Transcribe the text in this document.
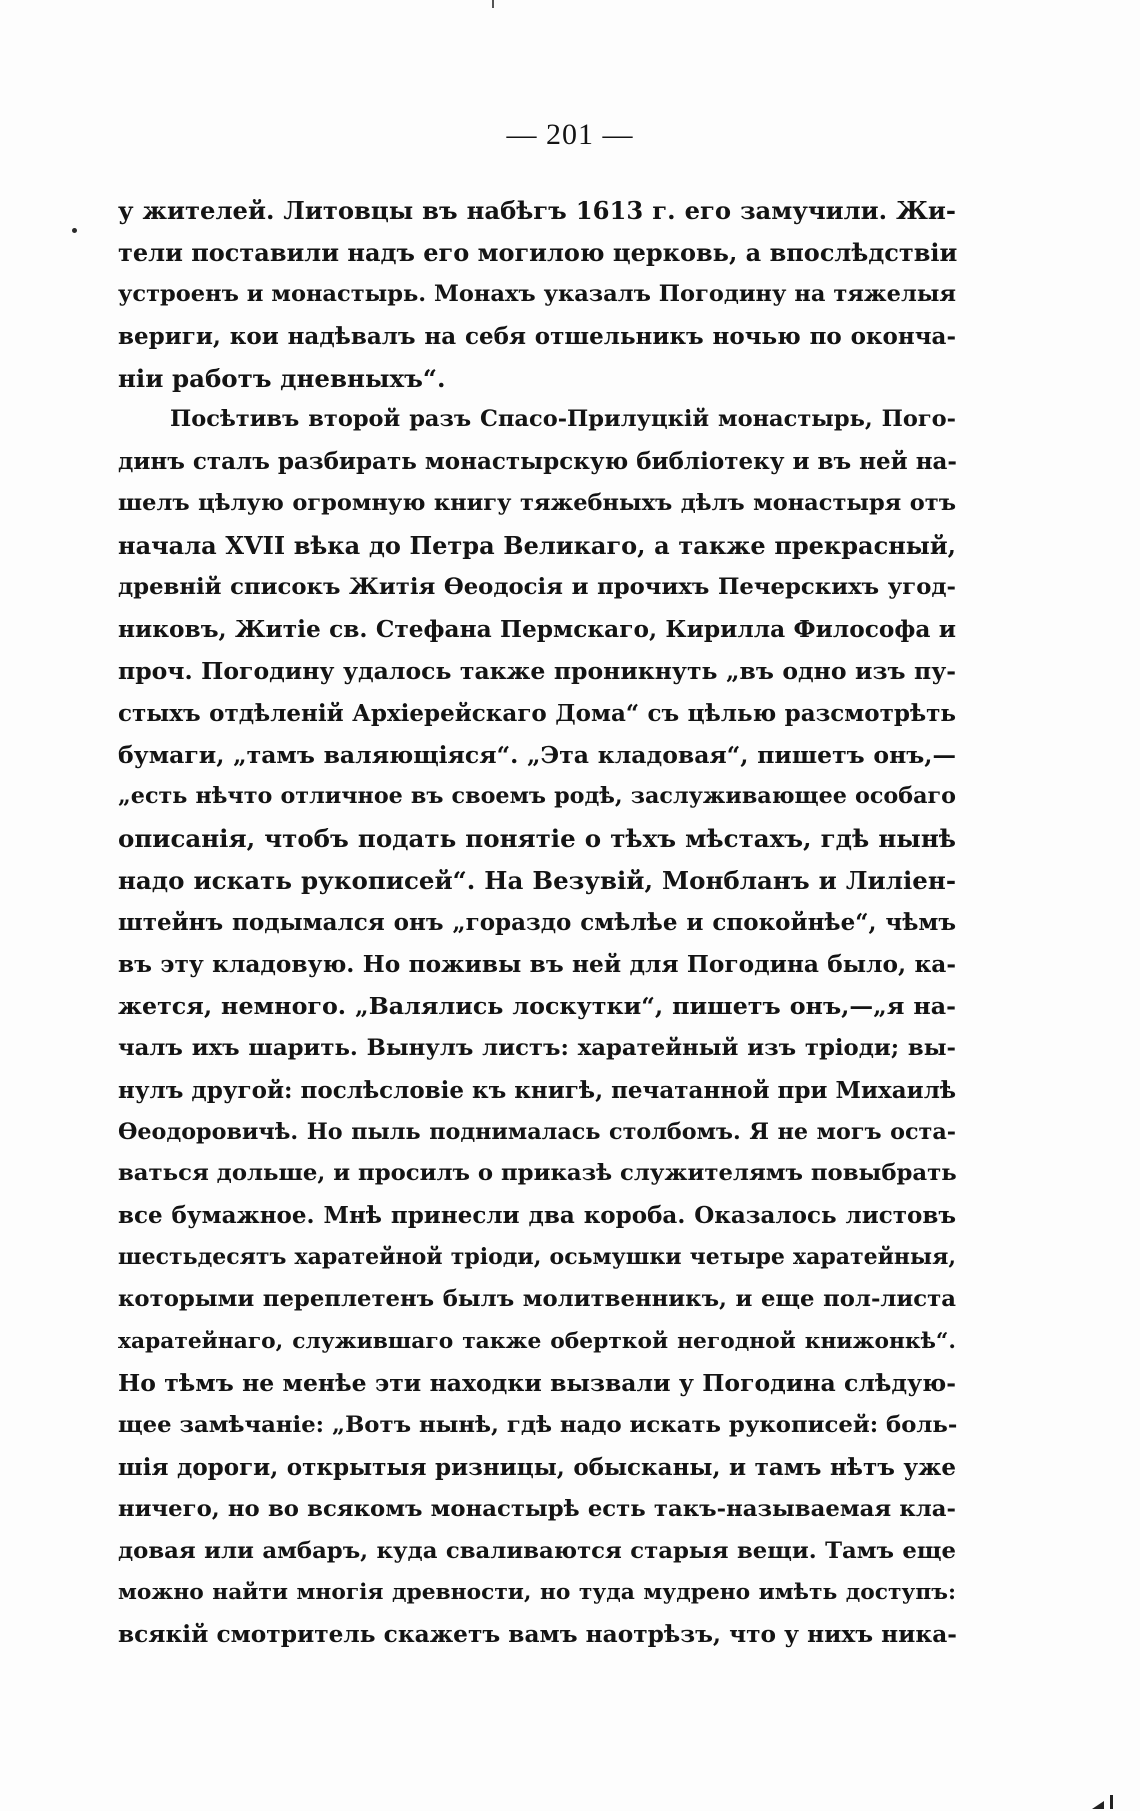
— 201 —
у жителей. Литовцы въ набѣгъ 1613 г. его замучили. Жи-
тели поставили надъ его могилою церковь, а впослѣдствіи
устроенъ и монастырь. Монахъ указалъ Погодину на тяжелыя
вериги, кои надѣвалъ на себя отшельникъ ночью по оконча-
ніи работъ дневныхъ“.
Посѣтивъ второй разъ Спасо-Прилуцкій монастырь, Пого-
динъ сталъ разбирать монастырскую библіотеку и въ ней на-
шелъ цѣлую огромную книгу тяжебныхъ дѣлъ монастыря отъ
начала XVII вѣка до Петра Великаго, а также прекрасный,
древній списокъ Житія Ѳеодосія и прочихъ Печерскихъ угод-
никовъ, Житіе св. Стефана Пермскаго, Кирилла Философа и
проч. Погодину удалось также проникнуть „въ одно изъ пу-
стыхъ отдѣленій Архіерейскаго Дома“ съ цѣлью разсмотрѣть
бумаги, „тамъ валяющіяся“. „Эта кладовая“, пишетъ онъ,—
„есть нѣчто отличное въ своемъ родѣ, заслуживающее особаго
описанія, чтобъ подать понятіе о тѣхъ мѣстахъ, гдѣ нынѣ
надо искать рукописей“. На Везувій, Монбланъ и Лиліен-
штейнъ подымался онъ „гораздо смѣлѣе и спокойнѣе“, чѣмъ
въ эту кладовую. Но поживы въ ней для Погодина было, ка-
жется, немного. „Валялись лоскутки“, пишетъ онъ,—„я на-
чалъ ихъ шарить. Вынулъ листъ: харатейный изъ тріоди; вы-
нулъ другой: послѣсловіе къ книгѣ, печатанной при Михаилѣ
Ѳеодоровичѣ. Но пыль поднималась столбомъ. Я не могъ оста-
ваться дольше, и просилъ о приказѣ служителямъ повыбрать
все бумажное. Мнѣ принесли два короба. Оказалось листовъ
шестьдесятъ харатейной тріоди, осьмушки четыре харатейныя,
которыми переплетенъ былъ молитвенникъ, и еще пол-листа
харатейнаго, служившаго также оберткой негодной книжонкѣ“.
Но тѣмъ не менѣе эти находки вызвали у Погодина слѣдую-
щее замѣчаніе: „Вотъ нынѣ, гдѣ надо искать рукописей: боль-
шія дороги, открытыя ризницы, обысканы, и тамъ нѣтъ уже
ничего, но во всякомъ монастырѣ есть такъ-называемая кла-
довая или амбаръ, куда сваливаются старыя вещи. Тамъ еще
можно найти многія древности, но туда мудрено имѣть доступъ:
всякій смотритель скажетъ вамъ наотрѣзъ, что у нихъ ника-
